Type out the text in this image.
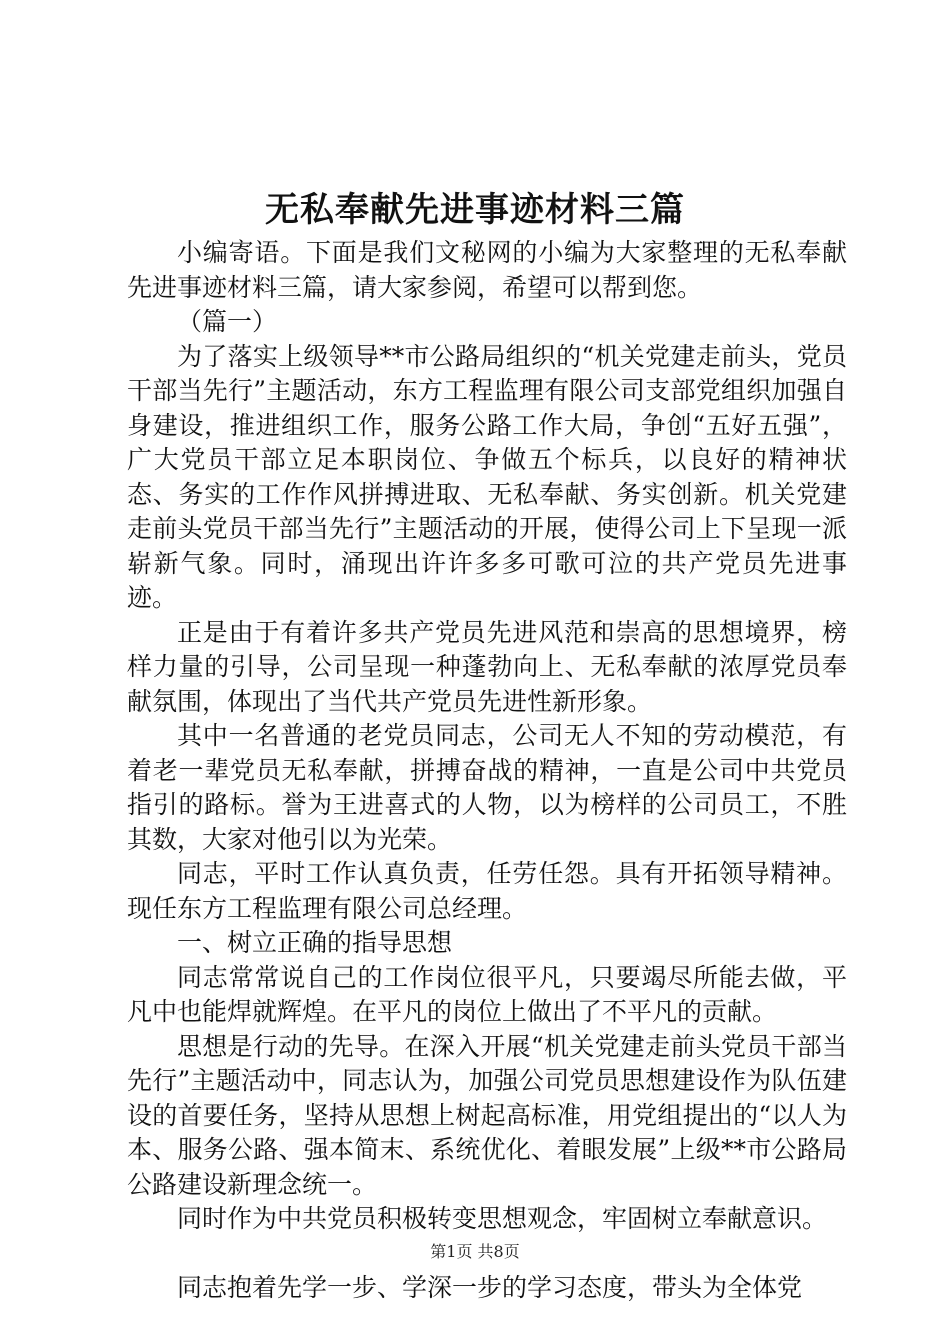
无私奉献先进事迹材料三篇

小编寄语。下面是我们文秘网的小编为大家整理的无私奉献先进事迹材料三篇，请大家参阅，希望可以帮到您。

（篇一）

为了落实上级领导**市公路局组织的“机关党建走前头，党员干部当先行”主题活动，东方工程监理有限公司支部党组织加强自身建设，推进组织工作，服务公路工作大局，争创“五好五强”，广大党员干部立足本职岗位、争做五个标兵，以良好的精神状态、务实的工作作风拼搏进取、无私奉献、务实创新。机关党建走前头党员干部当先行”主题活动的开展，使得公司上下呈现一派崭新气象。同时，涌现出许许多多可歌可泣的共产党员先进事迹。

正是由于有着许多共产党员先进风范和崇高的思想境界，榜样力量的引导，公司呈现一种蓬勃向上、无私奉献的浓厚党员奉献氛围，体现出了当代共产党员先进性新形象。

其中一名普通的老党员同志，公司无人不知的劳动模范，有着老一辈党员无私奉献，拼搏奋战的精神，一直是公司中共党员指引的路标。誉为王进喜式的人物，以为榜样的公司员工，不胜其数，大家对他引以为光荣。

同志，平时工作认真负责，任劳任怨。具有开拓领导精神。现任东方工程监理有限公司总经理。

一、树立正确的指导思想

同志常常说自己的工作岗位很平凡，只要竭尽所能去做，平凡中也能焊就辉煌。在平凡的岗位上做出了不平凡的贡献。

思想是行动的先导。在深入开展“机关党建走前头党员干部当先行”主题活动中，同志认为，加强公司党员思想建设作为队伍建设的首要任务，坚持从思想上树起高标准，用党组提出的“以人为本、服务公路、强本简末、系统优化、着眼发展”上级**市公路局公路建设新理念统一。

同时作为中共党员积极转变思想观念，牢固树立奉献意识。

同志抱着先学一步、学深一步的学习态度，带头为全体党

第1页 共8页
